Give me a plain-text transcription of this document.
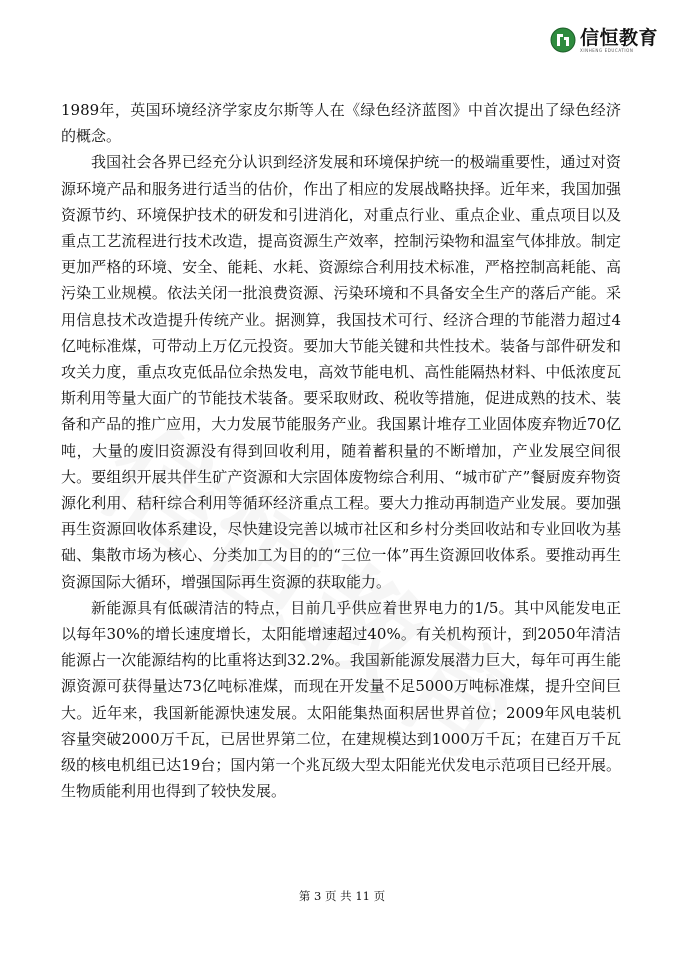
信恒教育
XINHENG EDUCATION

1989年，英国环境经济学家皮尔斯等人在《绿色经济蓝图》中首次提出了绿色经济的概念。

我国社会各界已经充分认识到经济发展和环境保护统一的极端重要性，通过对资源环境产品和服务进行适当的估价，作出了相应的发展战略抉择。近年来，我国加强资源节约、环境保护技术的研发和引进消化，对重点行业、重点企业、重点项目以及重点工艺流程进行技术改造，提高资源生产效率，控制污染物和温室气体排放。制定更加严格的环境、安全、能耗、水耗、资源综合利用技术标准，严格控制高耗能、高污染工业规模。依法关闭一批浪费资源、污染环境和不具备安全生产的落后产能。采用信息技术改造提升传统产业。据测算，我国技术可行、经济合理的节能潜力超过4亿吨标准煤，可带动上万亿元投资。要加大节能关键和共性技术。装备与部件研发和攻关力度，重点攻克低品位余热发电，高效节能电机、高性能隔热材料、中低浓度瓦斯利用等量大面广的节能技术装备。要采取财政、税收等措施，促进成熟的技术、装备和产品的推广应用，大力发展节能服务产业。我国累计堆存工业固体废弃物近70亿吨，大量的废旧资源没有得到回收利用，随着蓄积量的不断增加，产业发展空间很大。要组织开展共伴生矿产资源和大宗固体废物综合利用、“城市矿产”餐厨废弃物资源化利用、秸秆综合利用等循环经济重点工程。要大力推动再制造产业发展。要加强再生资源回收体系建设，尽快建设完善以城市社区和乡村分类回收站和专业回收为基础、集散市场为核心、分类加工为目的的“三位一体”再生资源回收体系。要推动再生资源国际大循环，增强国际再生资源的获取能力。

新能源具有低碳清洁的特点，目前几乎供应着世界电力的1/5。其中风能发电正以每年30%的增长速度增长，太阳能增速超过40%。有关机构预计，到2050年清洁能源占一次能源结构的比重将达到32.2%。我国新能源发展潜力巨大，每年可再生能源资源可获得量达73亿吨标准煤，而现在开发量不足5000万吨标准煤，提升空间巨大。近年来，我国新能源快速发展。太阳能集热面积居世界首位；2009年风电装机容量突破2000万千瓦，已居世界第二位，在建规模达到1000万千瓦；在建百万千瓦级的核电机组已达19台；国内第一个兆瓦级大型太阳能光伏发电示范项目已经开展。生物质能利用也得到了较快发展。

第 3 页 共 11 页
